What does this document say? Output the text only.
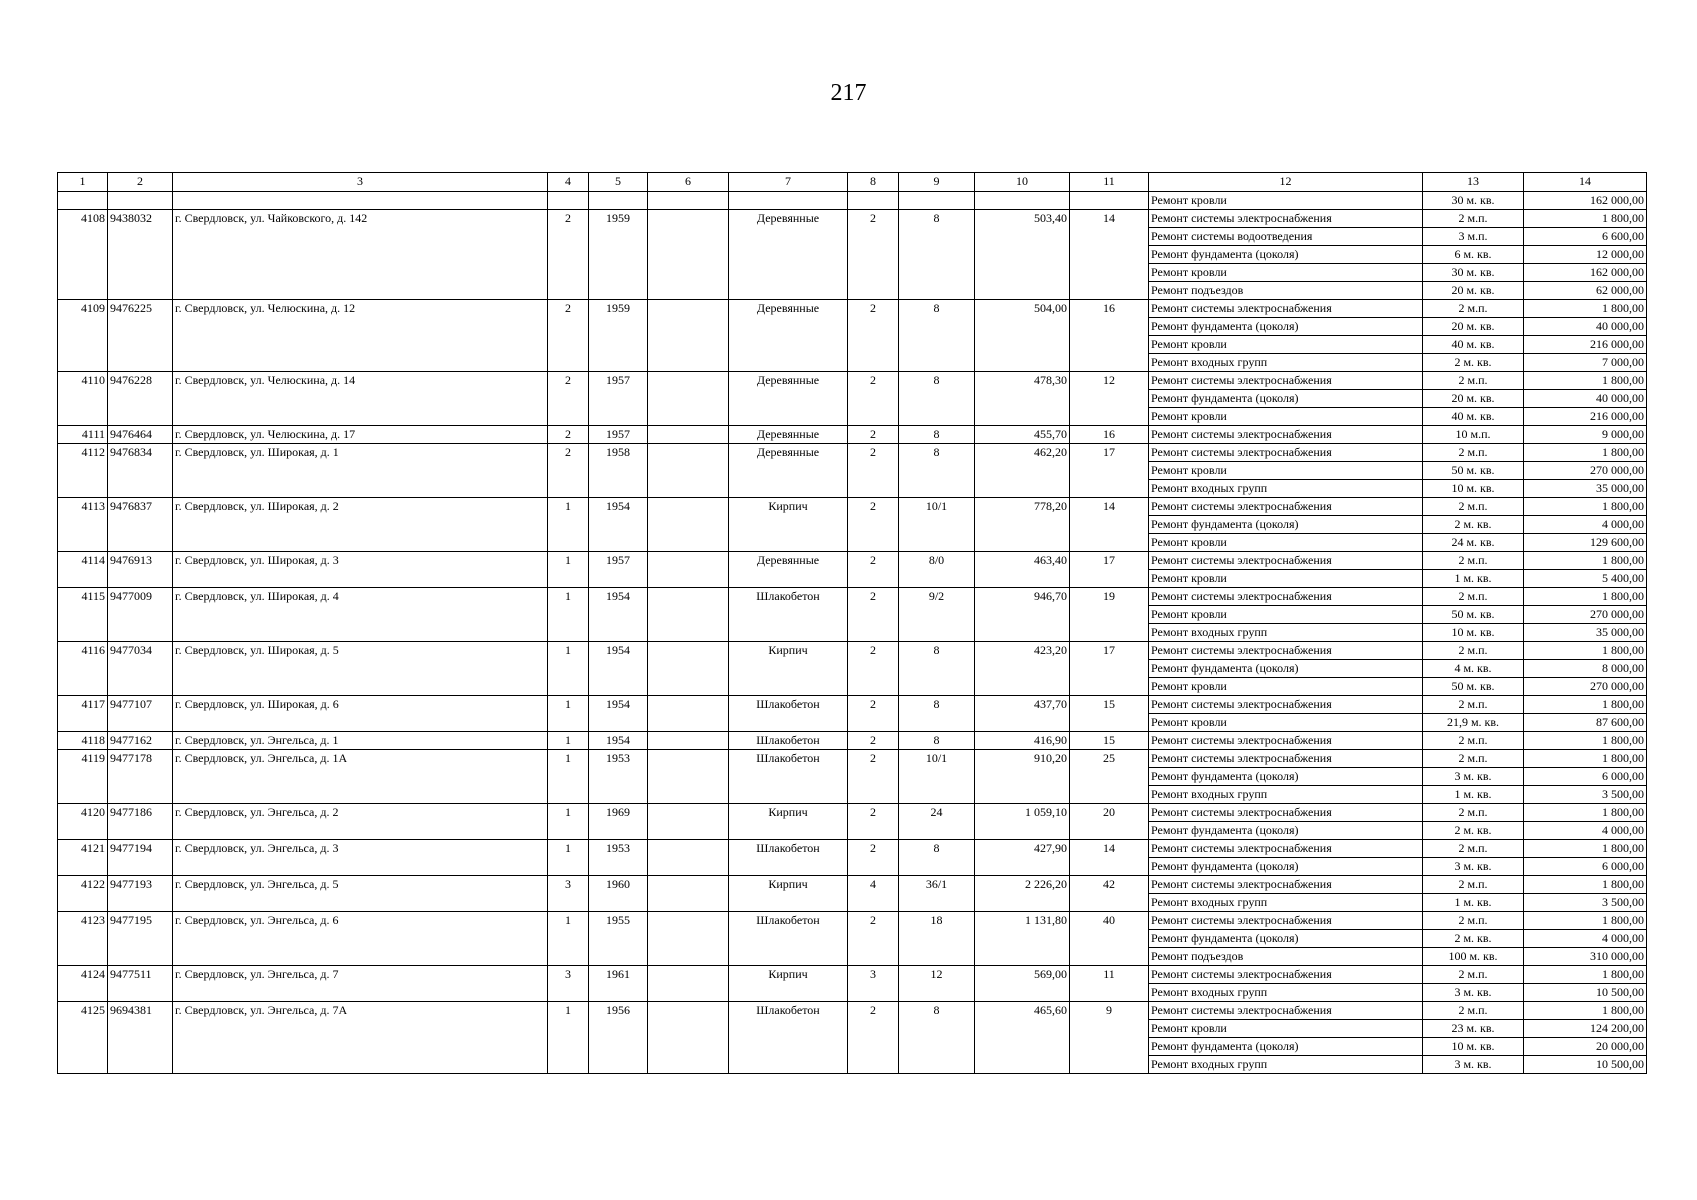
217
1	2	3	4	5	6	7	8	9	10	11	12	13	14
											Ремонт кровли	30 м. кв.	162 000,00
4108	9438032	г. Свердловск, ул. Чайковского, д. 142	2	1959		Деревянные	2	8	503,40	14	Ремонт системы электроснабжения	2 м.п.	1 800,00
											Ремонт системы водоотведения	3 м.п.	6 600,00
											Ремонт фундамента (цоколя)	6 м. кв.	12 000,00
											Ремонт кровли	30 м. кв.	162 000,00
											Ремонт подъездов	20 м. кв.	62 000,00
4109	9476225	г. Свердловск, ул. Челюскина, д. 12	2	1959		Деревянные	2	8	504,00	16	Ремонт системы электроснабжения	2 м.п.	1 800,00
											Ремонт фундамента (цоколя)	20 м. кв.	40 000,00
											Ремонт кровли	40 м. кв.	216 000,00
											Ремонт входных групп	2 м. кв.	7 000,00
4110	9476228	г. Свердловск, ул. Челюскина, д. 14	2	1957		Деревянные	2	8	478,30	12	Ремонт системы электроснабжения	2 м.п.	1 800,00
											Ремонт фундамента (цоколя)	20 м. кв.	40 000,00
											Ремонт кровли	40 м. кв.	216 000,00
4111	9476464	г. Свердловск, ул. Челюскина, д. 17	2	1957		Деревянные	2	8	455,70	16	Ремонт системы электроснабжения	10 м.п.	9 000,00
4112	9476834	г. Свердловск, ул. Широкая, д. 1	2	1958		Деревянные	2	8	462,20	17	Ремонт системы электроснабжения	2 м.п.	1 800,00
											Ремонт кровли	50 м. кв.	270 000,00
											Ремонт входных групп	10 м. кв.	35 000,00
4113	9476837	г. Свердловск, ул. Широкая, д. 2	1	1954		Кирпич	2	10/1	778,20	14	Ремонт системы электроснабжения	2 м.п.	1 800,00
											Ремонт фундамента (цоколя)	2 м. кв.	4 000,00
											Ремонт кровли	24 м. кв.	129 600,00
4114	9476913	г. Свердловск, ул. Широкая, д. 3	1	1957		Деревянные	2	8/0	463,40	17	Ремонт системы электроснабжения	2 м.п.	1 800,00
											Ремонт кровли	1 м. кв.	5 400,00
4115	9477009	г. Свердловск, ул. Широкая, д. 4	1	1954		Шлакобетон	2	9/2	946,70	19	Ремонт системы электроснабжения	2 м.п.	1 800,00
											Ремонт кровли	50 м. кв.	270 000,00
											Ремонт входных групп	10 м. кв.	35 000,00
4116	9477034	г. Свердловск, ул. Широкая, д. 5	1	1954		Кирпич	2	8	423,20	17	Ремонт системы электроснабжения	2 м.п.	1 800,00
											Ремонт фундамента (цоколя)	4 м. кв.	8 000,00
											Ремонт кровли	50 м. кв.	270 000,00
4117	9477107	г. Свердловск, ул. Широкая, д. 6	1	1954		Шлакобетон	2	8	437,70	15	Ремонт системы электроснабжения	2 м.п.	1 800,00
											Ремонт кровли	21,9 м. кв.	87 600,00
4118	9477162	г. Свердловск, ул. Энгельса, д. 1	1	1954		Шлакобетон	2	8	416,90	15	Ремонт системы электроснабжения	2 м.п.	1 800,00
4119	9477178	г. Свердловск, ул. Энгельса, д. 1А	1	1953		Шлакобетон	2	10/1	910,20	25	Ремонт системы электроснабжения	2 м.п.	1 800,00
											Ремонт фундамента (цоколя)	3 м. кв.	6 000,00
											Ремонт входных групп	1 м. кв.	3 500,00
4120	9477186	г. Свердловск, ул. Энгельса, д. 2	1	1969		Кирпич	2	24	1 059,10	20	Ремонт системы электроснабжения	2 м.п.	1 800,00
											Ремонт фундамента (цоколя)	2 м. кв.	4 000,00
4121	9477194	г. Свердловск, ул. Энгельса, д. 3	1	1953		Шлакобетон	2	8	427,90	14	Ремонт системы электроснабжения	2 м.п.	1 800,00
											Ремонт фундамента (цоколя)	3 м. кв.	6 000,00
4122	9477193	г. Свердловск, ул. Энгельса, д. 5	3	1960		Кирпич	4	36/1	2 226,20	42	Ремонт системы электроснабжения	2 м.п.	1 800,00
											Ремонт входных групп	1 м. кв.	3 500,00
4123	9477195	г. Свердловск, ул. Энгельса, д. 6	1	1955		Шлакобетон	2	18	1 131,80	40	Ремонт системы электроснабжения	2 м.п.	1 800,00
											Ремонт фундамента (цоколя)	2 м. кв.	4 000,00
											Ремонт подъездов	100 м. кв.	310 000,00
4124	9477511	г. Свердловск, ул. Энгельса, д. 7	3	1961		Кирпич	3	12	569,00	11	Ремонт системы электроснабжения	2 м.п.	1 800,00
											Ремонт входных групп	3 м. кв.	10 500,00
4125	9694381	г. Свердловск, ул. Энгельса, д. 7А	1	1956		Шлакобетон	2	8	465,60	9	Ремонт системы электроснабжения	2 м.п.	1 800,00
											Ремонт кровли	23 м. кв.	124 200,00
											Ремонт фундамента (цоколя)	10 м. кв.	20 000,00
											Ремонт входных групп	3 м. кв.	10 500,00
